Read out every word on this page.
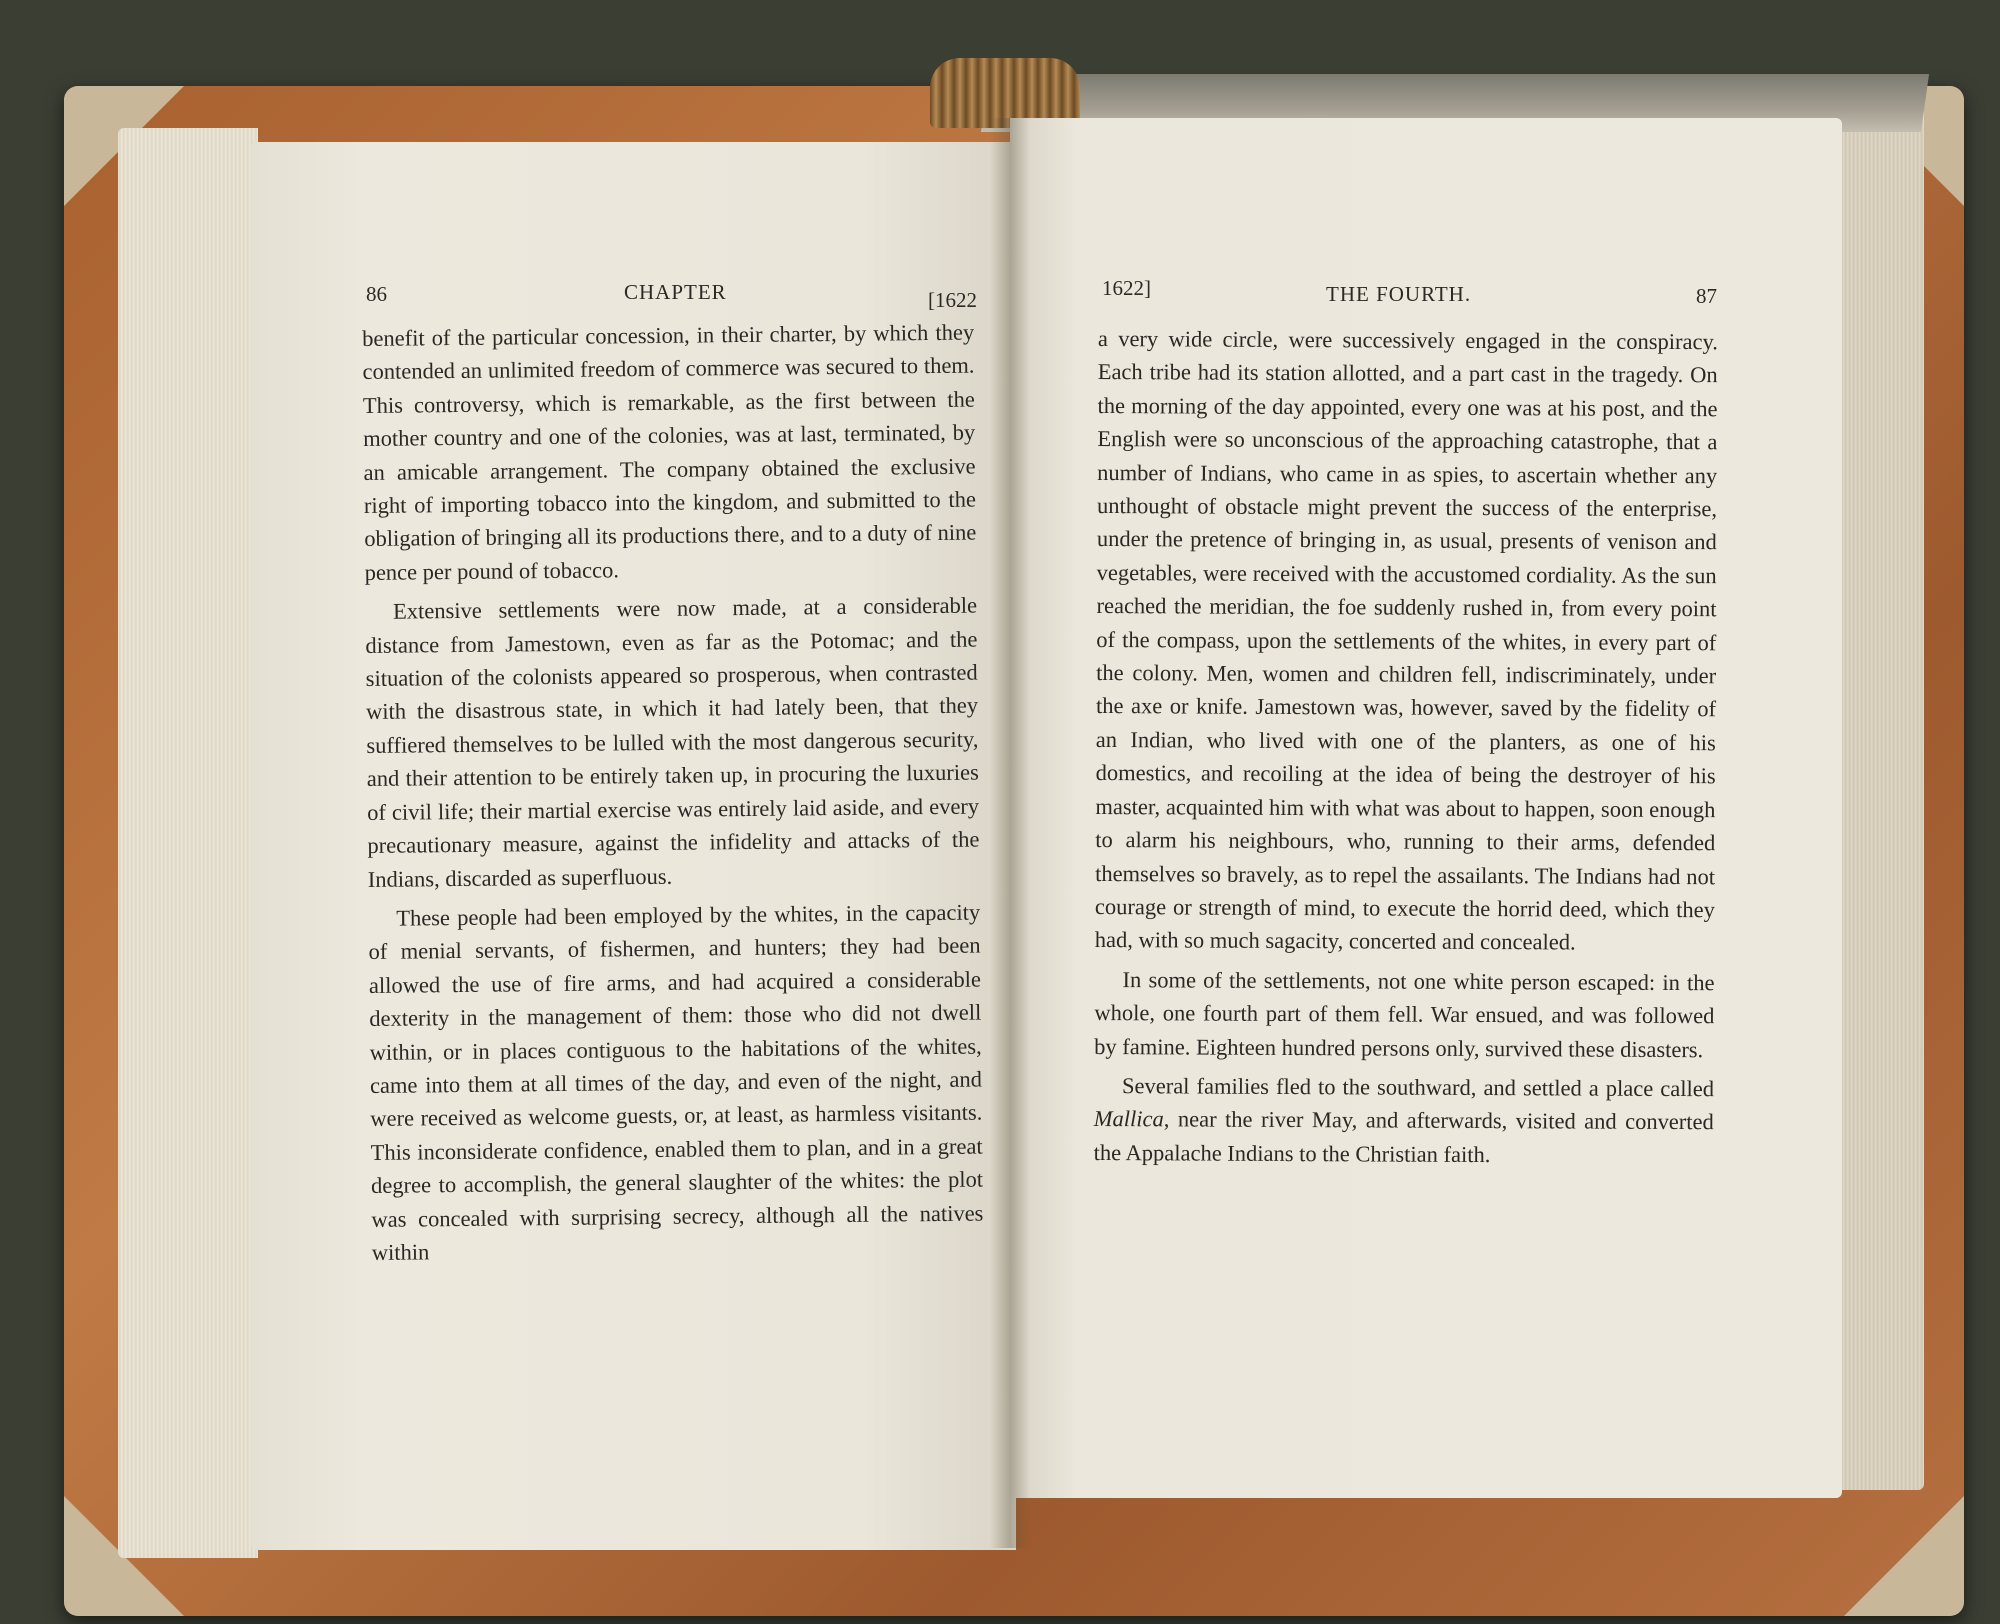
86	CHAPTER	[1622

benefit of the particular concession, in their charter, by which they contended an unlimited freedom of commerce was secured to them. This controversy, which is remarkable, as the first between the mother country and one of the colonies, was at last, terminated, by an amicable arrangement. The company obtained the exclusive right of importing tobacco into the kingdom, and submitted to the obligation of bringing all its productions there, and to a duty of nine pence per pound of tobacco.

Extensive settlements were now made, at a considerable distance from Jamestown, even as far as the Potomac; and the situation of the colonists appeared so prosperous, when contrasted with the disastrous state, in which it had lately been, that they suffiered themselves to be lulled with the most dangerous security, and their attention to be entirely taken up, in procuring the luxuries of civil life; their martial exercise was entirely laid aside, and every precautionary measure, against the infidelity and attacks of the Indians, discarded as superfluous.

These people had been employed by the whites, in the capacity of menial servants, of fishermen, and hunters; they had been allowed the use of fire arms, and had acquired a considerable dexterity in the management of them: those who did not dwell within, or in places contiguous to the habitations of the whites, came into them at all times of the day, and even of the night, and were received as welcome guests, or, at least, as harmless visitants. This inconsiderate confidence, enabled them to plan, and in a great degree to accomplish, the general slaughter of the whites: the plot was concealed with surprising secrecy, although all the natives within

1622]	THE FOURTH.	87

a very wide circle, were successively engaged in the conspiracy. Each tribe had its station allotted, and a part cast in the tragedy. On the morning of the day appointed, every one was at his post, and the English were so unconscious of the approaching catastrophe, that a number of Indians, who came in as spies, to ascertain whether any unthought of obstacle might prevent the success of the enterprise, under the pretence of bringing in, as usual, presents of venison and vegetables, were received with the accustomed cordiality. As the sun reached the meridian, the foe suddenly rushed in, from every point of the compass, upon the settlements of the whites, in every part of the colony. Men, women and children fell, indiscriminately, under the axe or knife. Jamestown was, however, saved by the fidelity of an Indian, who lived with one of the planters, as one of his domestics, and recoiling at the idea of being the destroyer of his master, acquainted him with what was about to happen, soon enough to alarm his neighbours, who, running to their arms, defended themselves so bravely, as to repel the assailants. The Indians had not courage or strength of mind, to execute the horrid deed, which they had, with so much sagacity, concerted and concealed.

In some of the settlements, not one white person escaped: in the whole, one fourth part of them fell. War ensued, and was followed by famine. Eighteen hundred persons only, survived these disasters.

Several families fled to the southward, and settled a place called Mallica, near the river May, and afterwards, visited and converted the Appalache Indians to the Christian faith.
